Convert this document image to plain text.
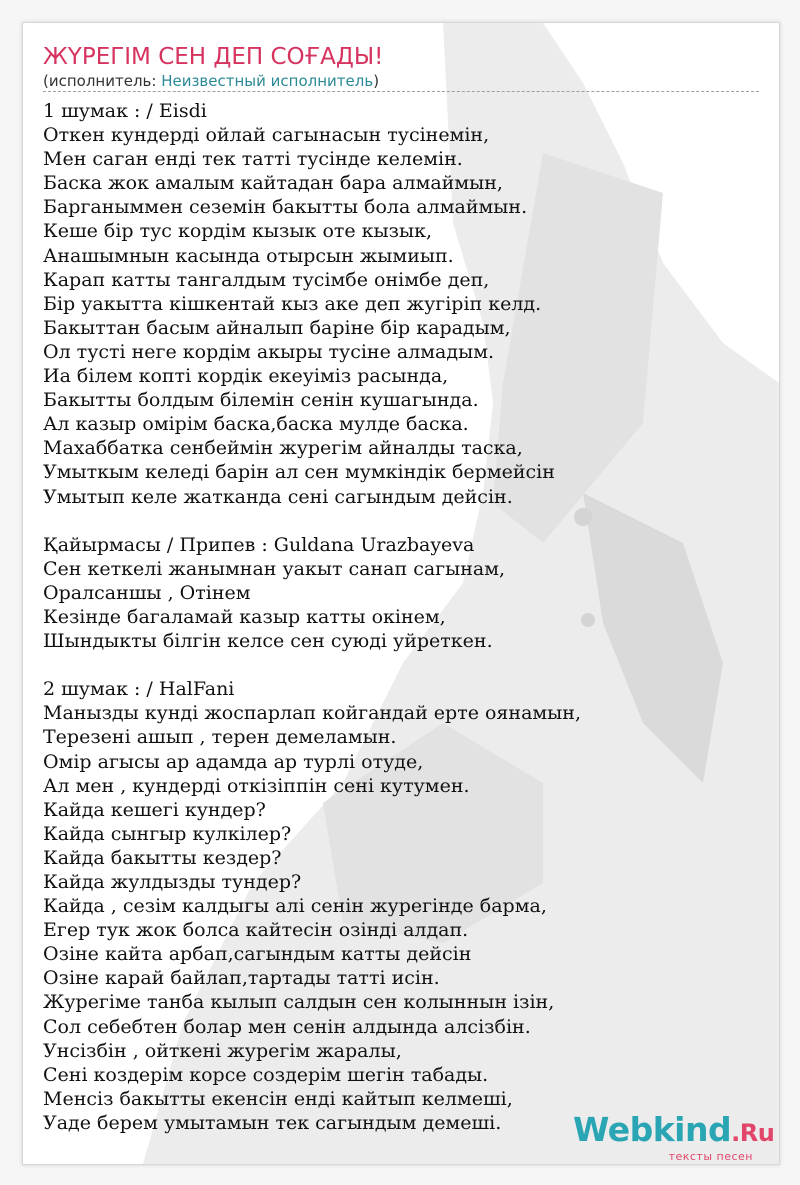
ЖҮРЕГІМ СЕН ДЕП СОҒАДЫ!
(исполнитель: Неизвестный исполнитель)
1 шумак : / Eisdi
Откен кундерді ойлай сагынасын тусінемін,
Мен саган енді тек татті тусінде келемін.
Баска жок амалым кайтадан бара алмаймын,
Барганыммен сеземін бакытты бола алмаймын.
Кеше бір тус кордім кызык оте кызык,
Анашымнын касында отырсын жымиып.
Карап катты тангалдым тусімбе онімбе деп,
Бір уакытта кішкентай кыз аке деп жугіріп келд.
Бакыттан басым айналып барiне бір карадым,
Ол тусті неге кордім акыры тусіне алмадым.
Иа білем копті кордік екеуіміз расында,
Бакытты болдым білемін сенін кушагында.
Ал казыр омірім баска,баска мулде баска.
Махаббатка сенбеймін журегім айналды таска,
Умыткым келеді барін ал сен мумкіндік бермейсін
Умытып келе жатканда сені сагындым дейсін.
Қайырмасы / Припев : Guldana Urazbayeva
Сен кеткелі жанымнан уакыт санап сагынам,
Оралсаншы , Отінем
Кезінде багаламай казыр катты окінем,
Шындыкты білгін келсе сен суюді уйреткен.
2 шумак : / HalFani
Манызды кунді жоспарлап койгандай ерте оянамын,
Терезені ашып , терен демеламын.
Омір агысы ар адамда ар турлі отуде,
Ал мен , кундерді откізіппін сені кутумен.
Кайда кешегі кундер?
Кайда сынгыр кулкілер?
Кайда бакытты кездер?
Кайда жулдызды тундер?
Кайда , сезім калдыгы алі сенін журегінде барма,
Егер тук жок болса кайтесін озінді алдап.
Озіне кайта арбап,сагындым катты дейсін
Озіне карай байлап,тартады татті исін.
Журегіме танба кылып салдын сен колыннын ізін,
Сол себебтен болар мен сенін алдында алсізбін.
Унсізбін , ойткені журегім жаралы,
Сені коздерім корсе создерім шегін табады.
Менсіз бакытты екенсін енді кайтып келмеші,
Уаде берем умытамын тек сагындым демеші.	Webkind.Ru
тексты песен
